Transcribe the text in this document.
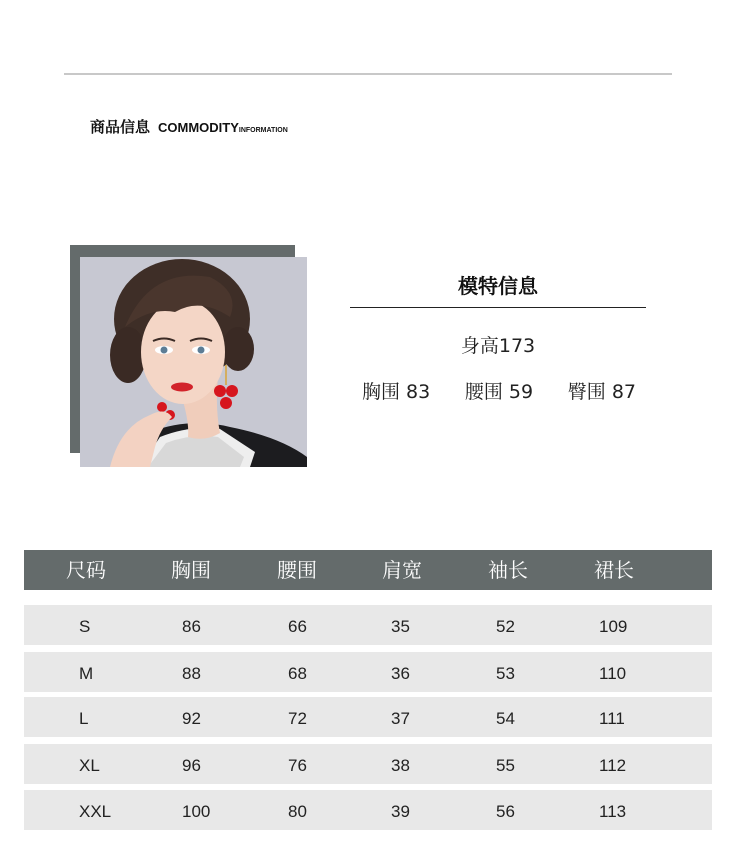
商品信息 COMMODITYINFORMATION
模特信息
身高173
胸围 83 腰围 59 臀围 87
尺码	胸围	腰围	肩宽	袖长	裙长
S	86	66	35	52	109
M	88	68	36	53	110
L	92	72	37	54	111
XL	96	76	38	55	112
XXL	100	80	39	56	113
